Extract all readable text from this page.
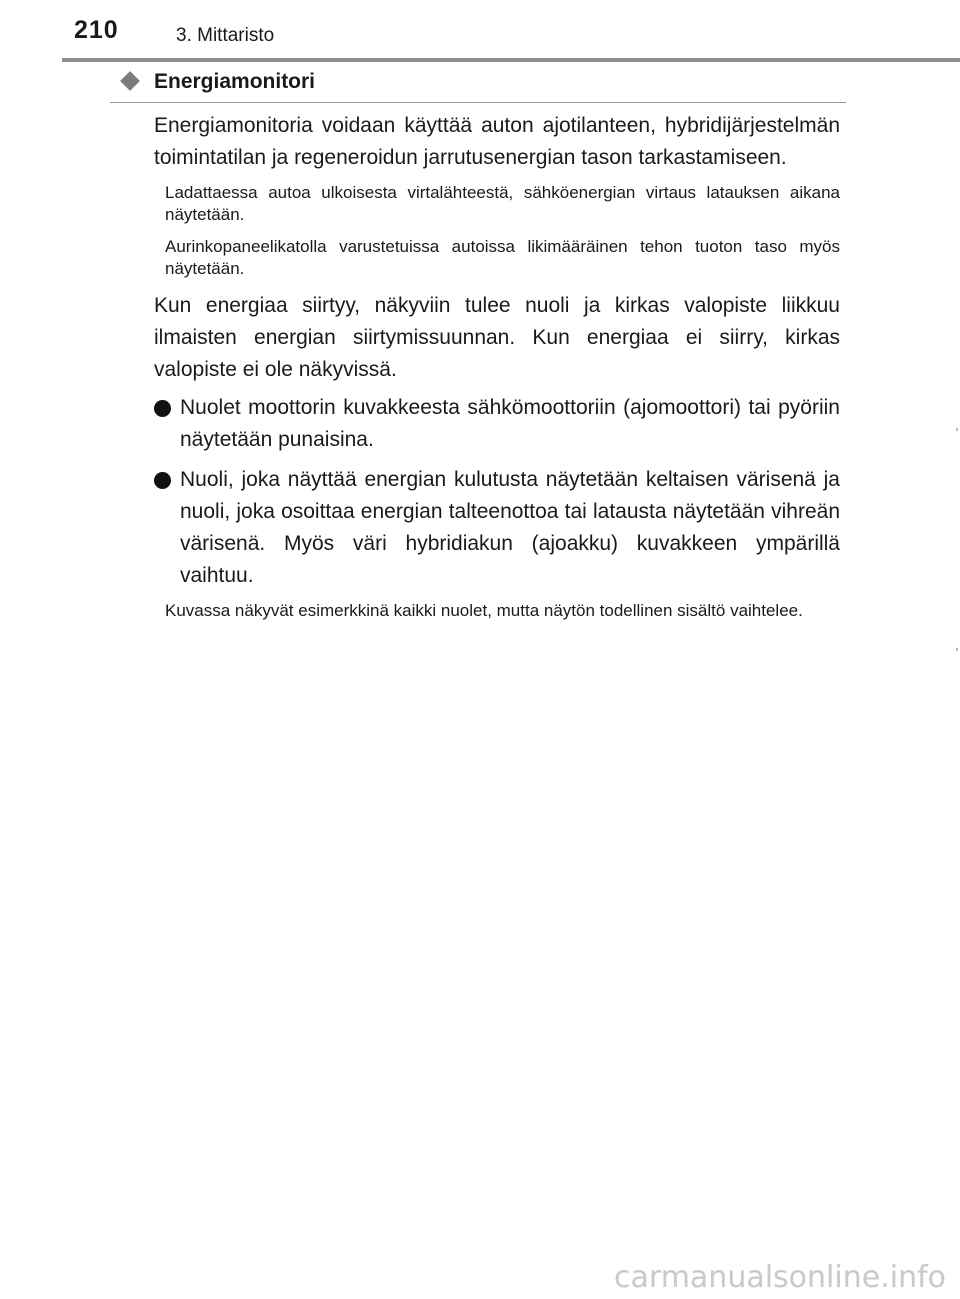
210	3. Mittaristo
Energiamonitori

Energiamonitoria voidaan käyttää auton ajotilanteen, hybridijärjestelmän toimintatilan ja regeneroidun jarrutusenergian tason tarkastamiseen.

Ladattaessa autoa ulkoisesta virtalähteestä, sähköenergian virtaus latauksen aikana näytetään.

Aurinkopaneelikatolla varustetuissa autoissa likimääräinen tehon tuoton taso myös näytetään.

Kun energiaa siirtyy, näkyviin tulee nuoli ja kirkas valopiste liikkuu ilmaisten energian siirtymissuunnan. Kun energiaa ei siirry, kirkas valopiste ei ole näkyvissä.

Nuolet moottorin kuvakkeesta sähkömoottoriin (ajomoottori) tai pyöriin näytetään punaisina.
Nuoli, joka näyttää energian kulutusta näytetään keltaisen värisenä ja nuoli, joka osoittaa energian talteenottoa tai latausta näytetään vihreän värisenä. Myös väri hybridiakun (ajoakku) kuvakkeen ympärillä vaihtuu.

Kuvassa näkyvät esimerkkinä kaikki nuolet, mutta näytön todellinen sisältö vaihtelee.

carmanualsonline.info
